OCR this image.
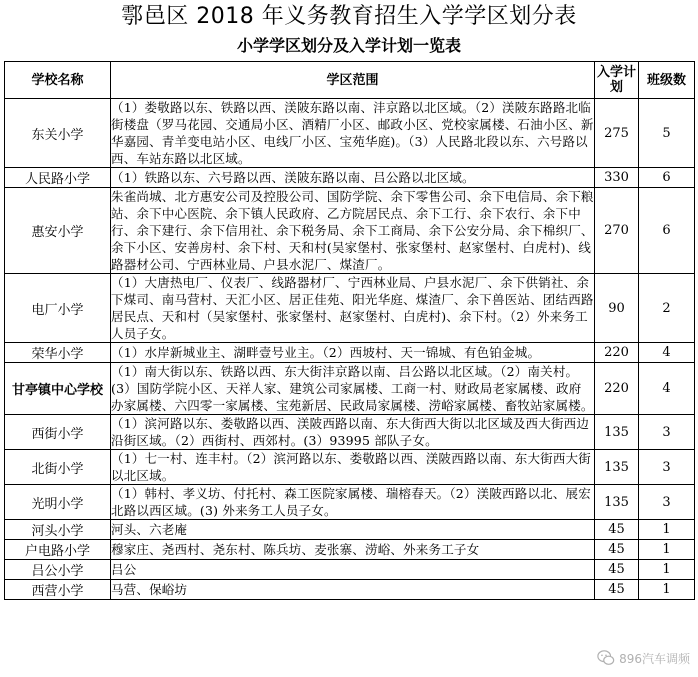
鄠邑区 2018 年义务教育招生入学学区划分表
小学学区划分及入学计划一览表
学校名称	学区范围	入学计划	班级数
东关小学	（1）娄敬路以东、铁路以西、渼陂东路以南、沣京路以北区域。（2）渼陂东路路北临街楼盘（罗马花园、交通局小区、酒精厂小区、邮政小区、党校家属楼、石油小区、新华嘉园、青羊变电站小区、电线厂小区、宝苑华庭)。（3）人民路北段以东、六号路以西、车站东路以北区域。	275	5
人民路小学	（1）铁路以东、六号路以西、渼陂东路以南、吕公路以北区域。	330	6
惠安小学	朱雀尚城、北方惠安公司及控股公司、国防学院、余下零售公司、余下电信局、余下粮站、余下中心医院、余下镇人民政府、乙方院居民点、余下工行、余下农行、余下中行、余下建行、余下信用社、余下税务局、余下工商局、余下公安分局、余下棉织厂、余下小区、安善房村、余下村、天和村(吴家堡村、张家堡村、赵家堡村、白虎村)、线路器材公司、宁西林业局、户县水泥厂、煤渣厂。	270	6
电厂小学	（1）大唐热电厂、仪表厂、线路器材厂、宁西林业局、户县水泥厂、余下供销社、余下煤司、南马营村、天汇小区、居正佳苑、阳光华庭、煤渣厂、余下兽医站、团结西路居民点、天和村（吴家堡村、张家堡村、赵家堡村、白虎村)、余下村。（2）外来务工人员子女。	90	2
荣华小学	（1）水岸新城业主、湖畔壹号业主。（2）西坡村、天一锦城、有色铂金城。	220	4
甘亭镇中心学校	（1）南大街以东、铁路以西、东大街沣京路以南、吕公路以北区域。（2）南关村。(3）国防学院小区、天祥人家、建筑公司家属楼、工商一村、财政局老家属楼、政府办家属楼、六四零一家属楼、宝苑新居、民政局家属楼、涝峪家属楼、畜牧站家属楼。	220	4
西街小学	（1）滨河路以东、娄敬路以西、渼陂西路以南、东大街西大街以北区域及西大街西边沿街区域。（2）西街村、西郊村。(3）93995 部队子女。	135	3
北街小学	（1）七一村、连丰村。（2）滨河路以东、娄敬路以西、渼陂西路以南、东大街西大街以北区域。	135	3
光明小学	（1）韩村、孝义坊、付托村、森工医院家属楼、瑞榕春天。（2）渼陂西路以北、展宏北路以西区域。(3) 外来务工人员子女。	135	3
河头小学	河头、六老庵	45	1
户电路小学	穆家庄、尧西村、尧东村、陈兵坊、麦张寨、涝峪、外来务工子女	45	1
吕公小学	吕公	45	1
西营小学	马营、保峪坊	45	1
896汽车调频
